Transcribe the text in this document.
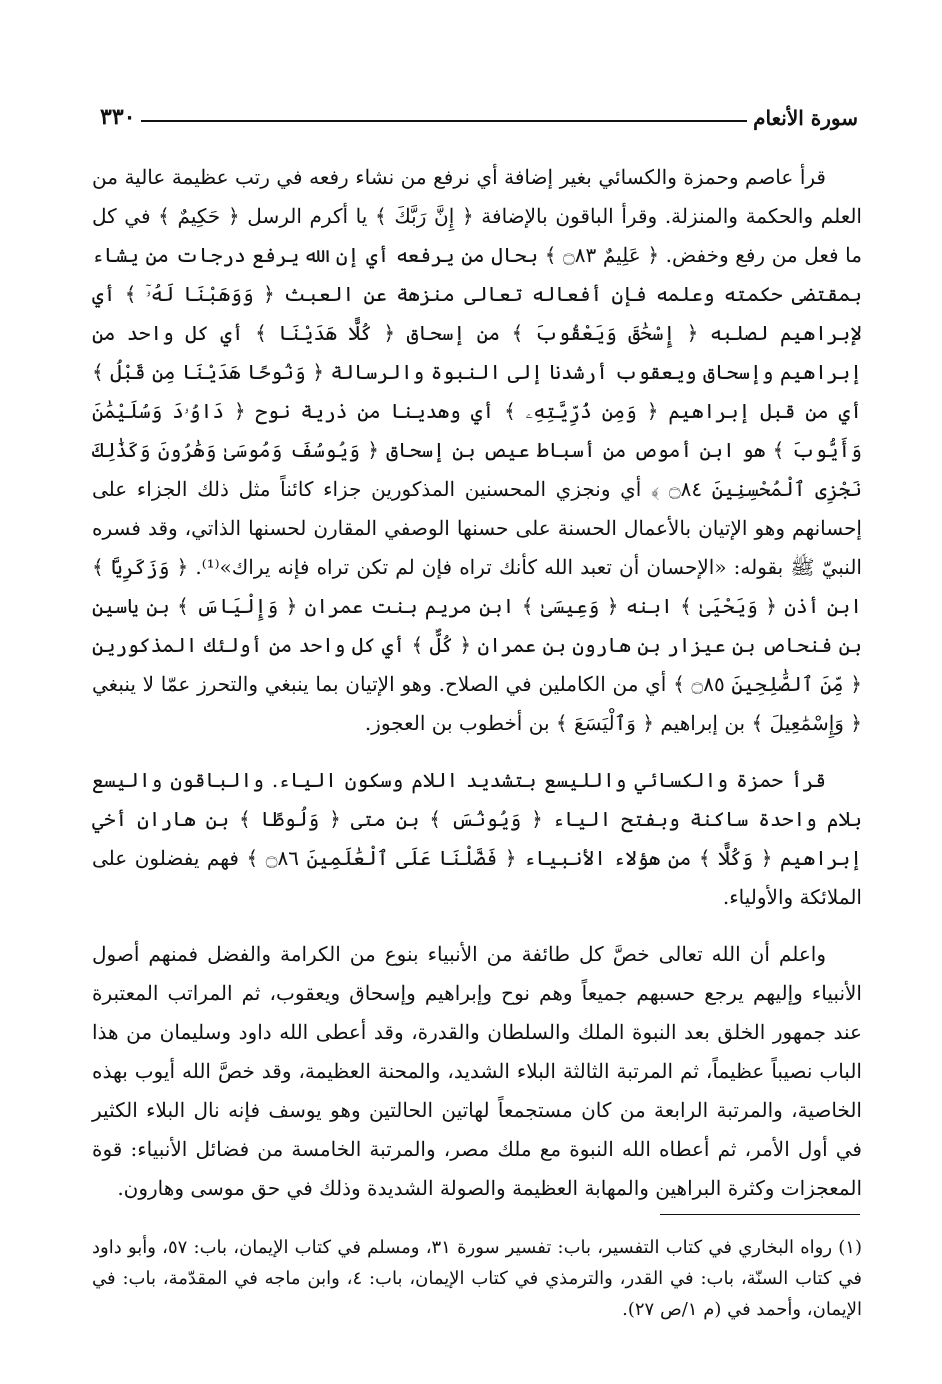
سورة الأنعام
٣٣٠

قرأ عاصم وحمزة والكسائي بغير إضافة أي نرفع من نشاء رفعه في رتب عظيمة عالية من العلم والحكمة والمنزلة. وقرأ الباقون بالإضافة ﴿ إِنَّ رَبَّكَ ﴾ يا أكرم الرسل ﴿ حَكِيمٌ ﴾ في كل ما فعل من رفع وخفض. ﴿ عَلِيمٌ ۝٨٣ ﴾ بحال من يرفعه أي إن الله يرفع درجات من يشاء بمقتضى حكمته وعلمه فإن أفعاله تعالى منزهة عن العبث ﴿ وَوَهَبْنَا لَهُۥٓ ﴾ أي لإبراهيم لصلبه ﴿ إِسْحَٰقَ وَيَعْقُوبَ ﴾ من إسحاق ﴿ كُلًّا هَدَيْنَا ﴾ أي كل واحد من إبراهيم وإسحاق ويعقوب أرشدنا إلى النبوة والرسالة ﴿ وَنُوحًا هَدَيْنَا مِن قَبْلُ ﴾ أي من قبل إبراهيم ﴿ وَمِن ذُرِّيَّتِهِۦ ﴾ أي وهدينا من ذرية نوح ﴿ دَاوُۥدَ وَسُلَيْمَٰنَ وَأَيُّوبَ ﴾ هو ابن أموص من أسباط عيص بن إسحاق ﴿ وَيُوسُفَ وَمُوسَىٰ وَهَٰرُونَ وَكَذَٰلِكَ نَجْزِى ٱلْمُحْسِنِينَ ۝٨٤ ﴾ أي ونجزي المحسنين المذكورين جزاء كائناً مثل ذلك الجزاء على إحسانهم وهو الإتيان بالأعمال الحسنة على حسنها الوصفي المقارن لحسنها الذاتي، وقد فسره النبيّ ﷺ بقوله: «الإحسان أن تعبد الله كأنك تراه فإن لم تكن تراه فإنه يراك»⁽¹⁾. ﴿ وَزَكَرِيَّا ﴾ ابن أذن ﴿ وَيَحْيَىٰ ﴾ ابنه ﴿ وَعِيسَىٰ ﴾ ابن مريم بنت عمران ﴿ وَإِلْيَاسَ ﴾ بن ياسين بن فنحاص بن عيزار بن هارون بن عمران ﴿ كُلٌّ ﴾ أي كل واحد من أولئك المذكورين ﴿ مِّنَ ٱلصَّٰلِحِينَ ۝٨٥ ﴾ أي من الكاملين في الصلاح. وهو الإتيان بما ينبغي والتحرز عمّا لا ينبغي ﴿ وَإِسْمَٰعِيلَ ﴾ بن إبراهيم ﴿ وَٱلْيَسَعَ ﴾ بن أخطوب بن العجوز.

قرأ حمزة والكسائي والليسع بتشديد اللام وسكون الياء. والباقون واليسع بلام واحدة ساكنة وبفتح الياء ﴿ وَيُونُسَ ﴾ بن متى ﴿ وَلُوطًا ﴾ بن هاران أخي إبراهيم ﴿ وَكُلًّا ﴾ من هؤلاء الأنبياء ﴿ فَضَّلْنَا عَلَى ٱلْعَٰلَمِينَ ۝٨٦ ﴾ فهم يفضلون على الملائكة والأولياء.

واعلم أن الله تعالى خصَّ كل طائفة من الأنبياء بنوع من الكرامة والفضل فمنهم أصول الأنبياء وإليهم يرجع حسبهم جميعاً وهم نوح وإبراهيم وإسحاق ويعقوب، ثم المراتب المعتبرة عند جمهور الخلق بعد النبوة الملك والسلطان والقدرة، وقد أعطى الله داود وسليمان من هذا الباب نصيباً عظيماً، ثم المرتبة الثالثة البلاء الشديد، والمحنة العظيمة، وقد خصَّ الله أيوب بهذه الخاصية، والمرتبة الرابعة من كان مستجمعاً لهاتين الحالتين وهو يوسف فإنه نال البلاء الكثير في أول الأمر، ثم أعطاه الله النبوة مع ملك مصر، والمرتبة الخامسة من فضائل الأنبياء: قوة المعجزات وكثرة البراهين والمهابة العظيمة والصولة الشديدة وذلك في حق موسى وهارون.

(١) رواه البخاري في كتاب التفسير، باب: تفسير سورة ٣١، ومسلم في كتاب الإيمان، باب: ٥٧، وأبو داود في كتاب السنّة، باب: في القدر، والترمذي في كتاب الإيمان، باب: ٤، وابن ماجه في المقدّمة، باب: في الإيمان، وأحمد في (م ١/ص ٢٧).
